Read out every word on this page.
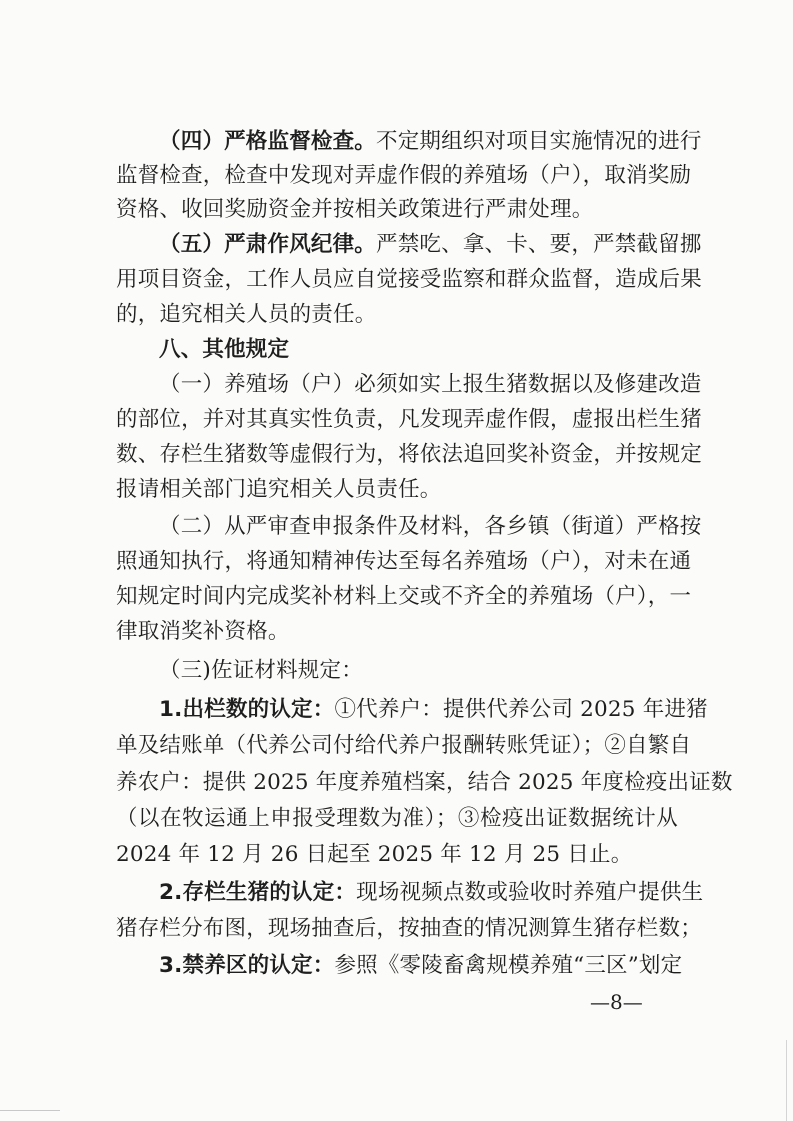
（四）严格监督检查。不定期组织对项目实施情况的进行
监督检查，检查中发现对弄虚作假的养殖场（户），取消奖励
资格、收回奖励资金并按相关政策进行严肃处理。
（五）严肃作风纪律。严禁吃、拿、卡、要，严禁截留挪
用项目资金，工作人员应自觉接受监察和群众监督，造成后果
的，追究相关人员的责任。
八、其他规定
（一）养殖场（户）必须如实上报生猪数据以及修建改造
的部位，并对其真实性负责，凡发现弄虚作假，虚报出栏生猪
数、存栏生猪数等虚假行为，将依法追回奖补资金，并按规定
报请相关部门追究相关人员责任。
（二）从严审查申报条件及材料，各乡镇（街道）严格按
照通知执行，将通知精神传达至每名养殖场（户），对未在通
知规定时间内完成奖补材料上交或不齐全的养殖场（户），一
律取消奖补资格。
（三)佐证材料规定：
1.出栏数的认定：①代养户：提供代养公司 2025 年进猪
单及结账单（代养公司付给代养户报酬转账凭证）；②自繁自
养农户：提供 2025 年度养殖档案，结合 2025 年度检疫出证数
（以在牧运通上申报受理数为准）；③检疫出证数据统计从
2024 年 12 月 26 日起至 2025 年 12 月 25 日止。
2.存栏生猪的认定：现场视频点数或验收时养殖户提供生
猪存栏分布图，现场抽查后，按抽查的情况测算生猪存栏数；
3.禁养区的认定：参照《零陵畜禽规模养殖“三区”划定
—8—
